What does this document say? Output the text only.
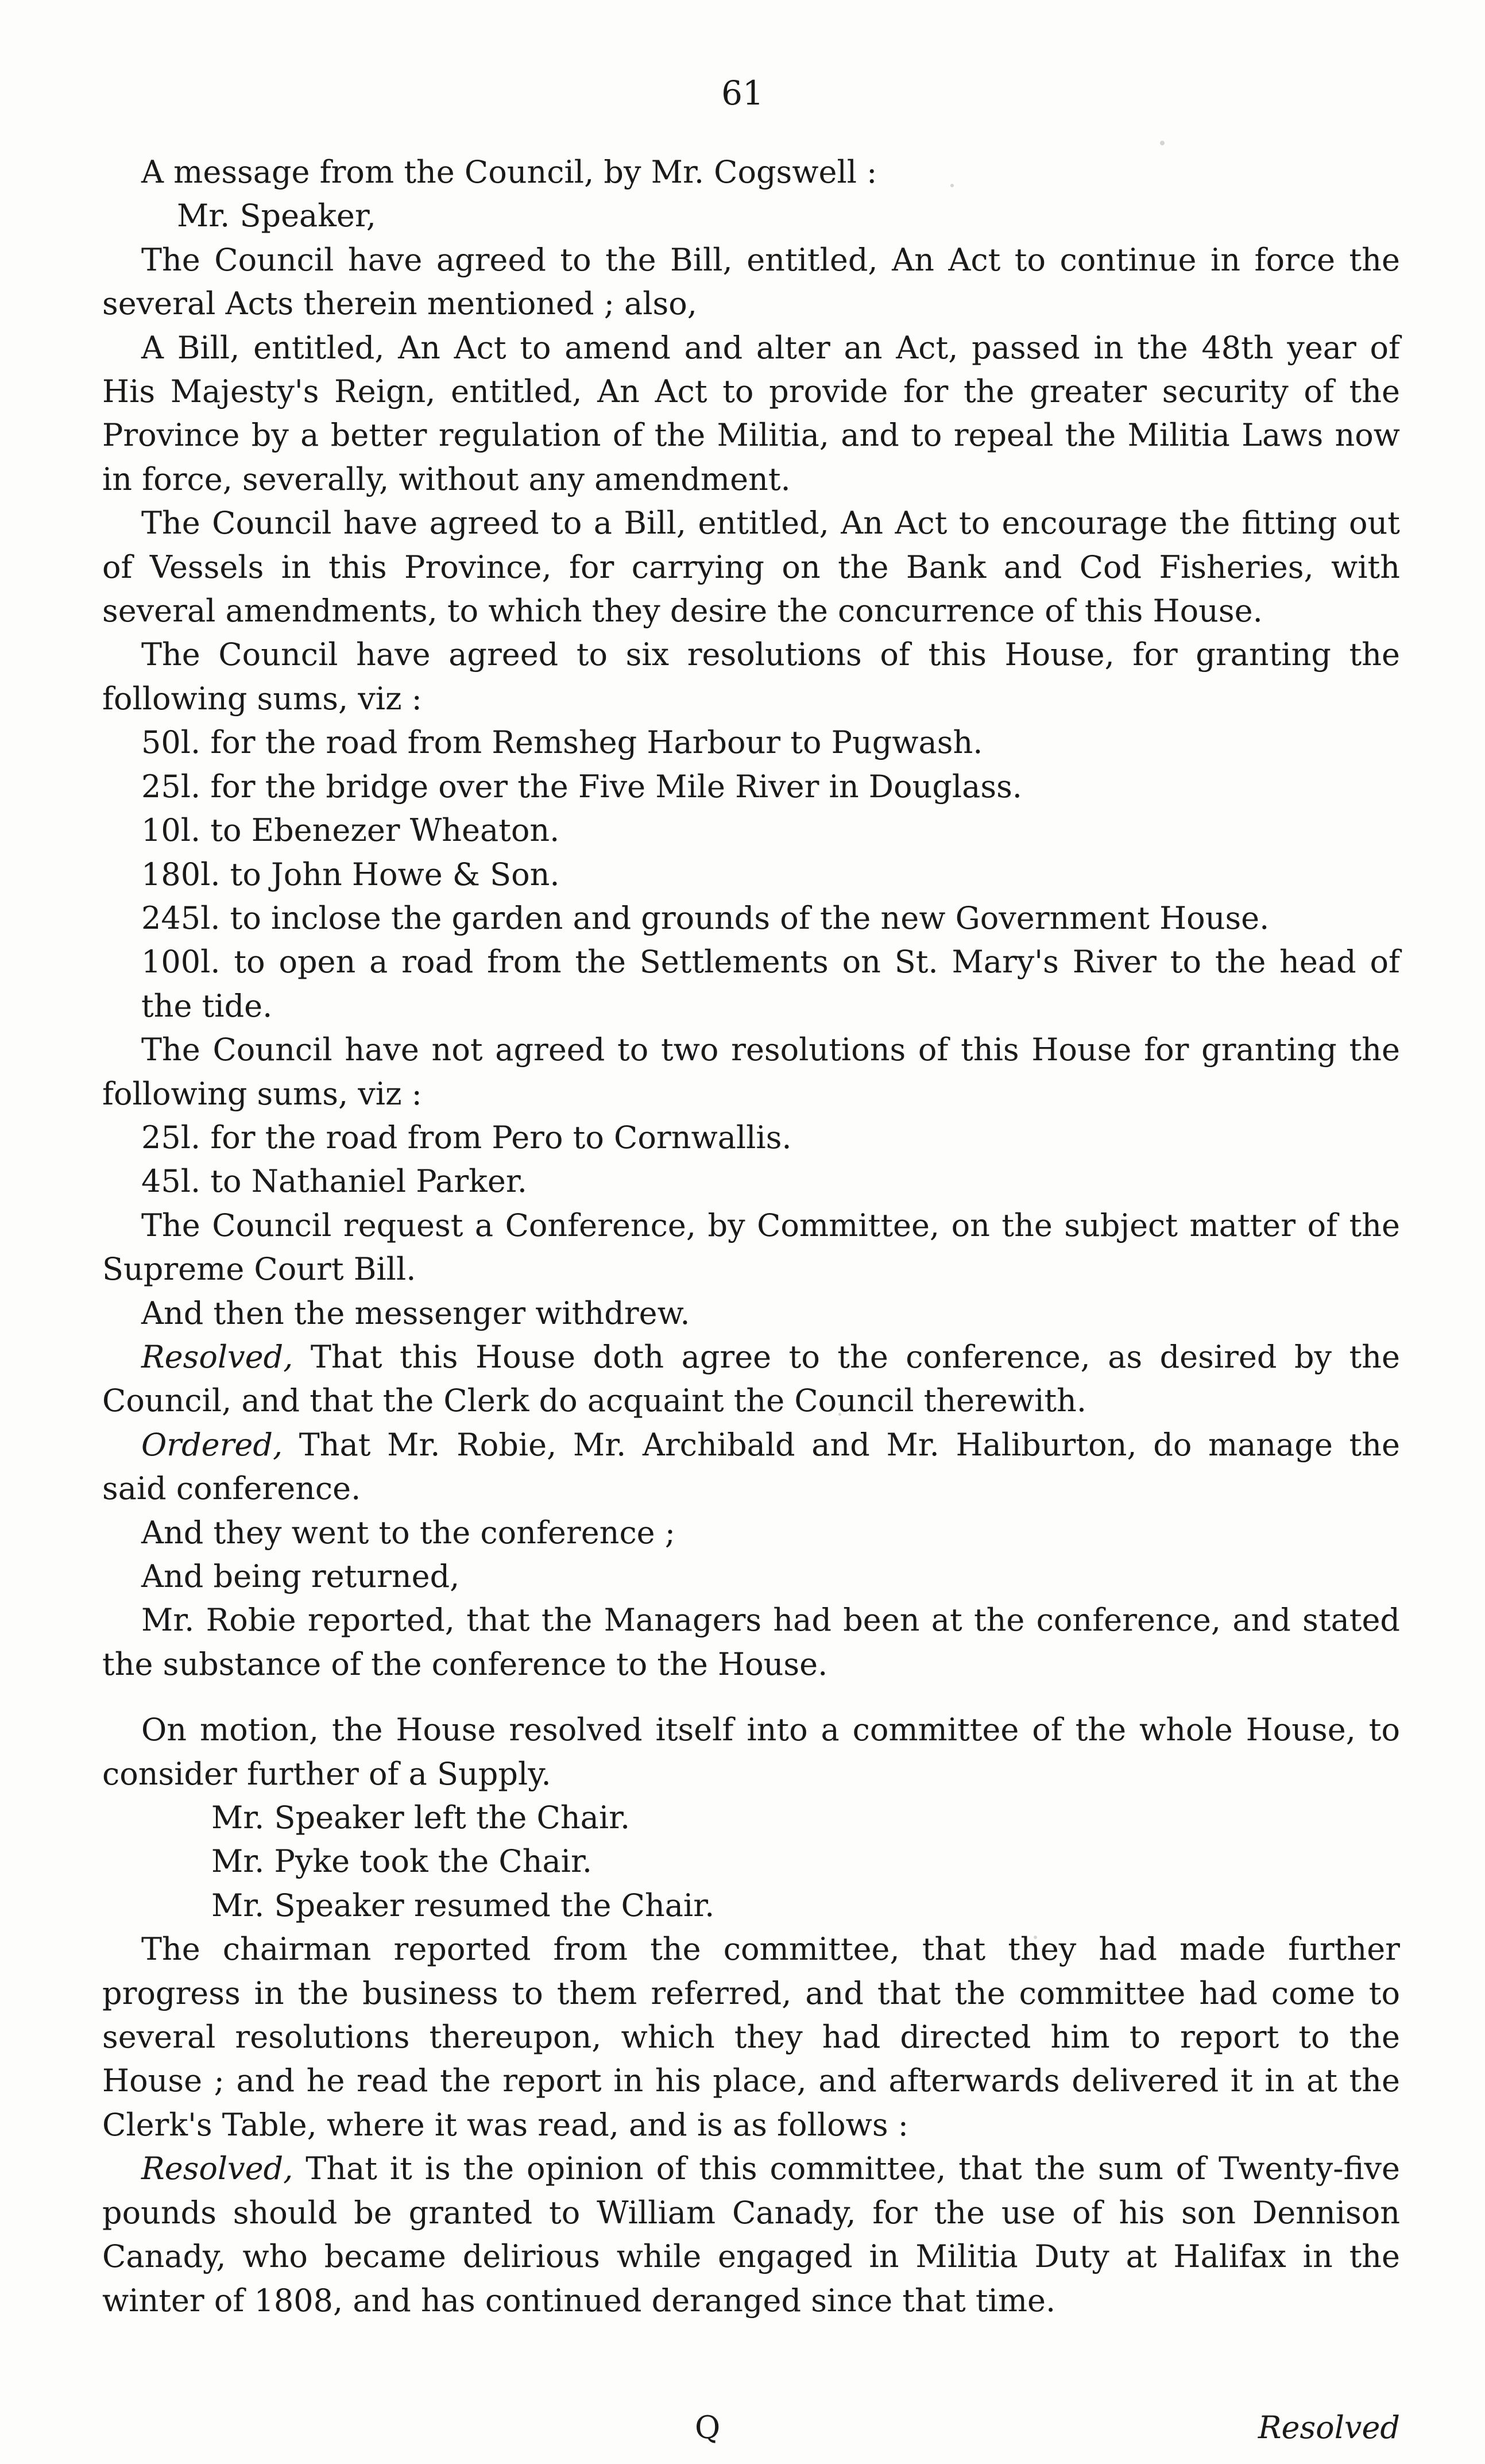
61

A message from the Council, by Mr. Cogswell :

Mr. Speaker,

The Council have agreed to the Bill, entitled, An Act to continue in force the several Acts therein mentioned ; also,

A Bill, entitled, An Act to amend and alter an Act, passed in the 48th year of His Majesty's Reign, entitled, An Act to provide for the greater security of the Province by a better regulation of the Militia, and to repeal the Militia Laws now in force, severally, without any amendment.

The Council have agreed to a Bill, entitled, An Act to encourage the fitting out of Vessels in this Province, for carrying on the Bank and Cod Fisheries, with several amendments, to which they desire the concurrence of this House.

The Council have agreed to six resolutions of this House, for granting the following sums, viz :

50l. for the road from Remsheg Harbour to Pugwash.

25l. for the bridge over the Five Mile River in Douglass.

10l. to Ebenezer Wheaton.

180l. to John Howe & Son.

245l. to inclose the garden and grounds of the new Government House.

100l. to open a road from the Settlements on St. Mary's River to the head of the tide.

The Council have not agreed to two resolutions of this House for granting the following sums, viz :

25l. for the road from Pero to Cornwallis.

45l. to Nathaniel Parker.

The Council request a Conference, by Committee, on the subject matter of the Supreme Court Bill.

And then the messenger withdrew.

Resolved, That this House doth agree to the conference, as desired by the Council, and that the Clerk do acquaint the Council therewith.

Ordered, That Mr. Robie, Mr. Archibald and Mr. Haliburton, do manage the said conference.

And they went to the conference ;

And being returned,

Mr. Robie reported, that the Managers had been at the conference, and stated the substance of the conference to the House.

On motion, the House resolved itself into a committee of the whole House, to consider further of a Supply.

Mr. Speaker left the Chair.

Mr. Pyke took the Chair.

Mr. Speaker resumed the Chair.

The chairman reported from the committee, that they had made further progress in the business to them referred, and that the committee had come to several resolutions thereupon, which they had directed him to report to the House ; and he read the report in his place, and afterwards delivered it in at the Clerk's Table, where it was read, and is as follows :

Resolved, That it is the opinion of this committee, that the sum of Twenty-five pounds should be granted to William Canady, for the use of his son Dennison Canady, who became delirious while engaged in Militia Duty at Halifax in the winter of 1808, and has continued deranged since that time.

Q	Resolved
